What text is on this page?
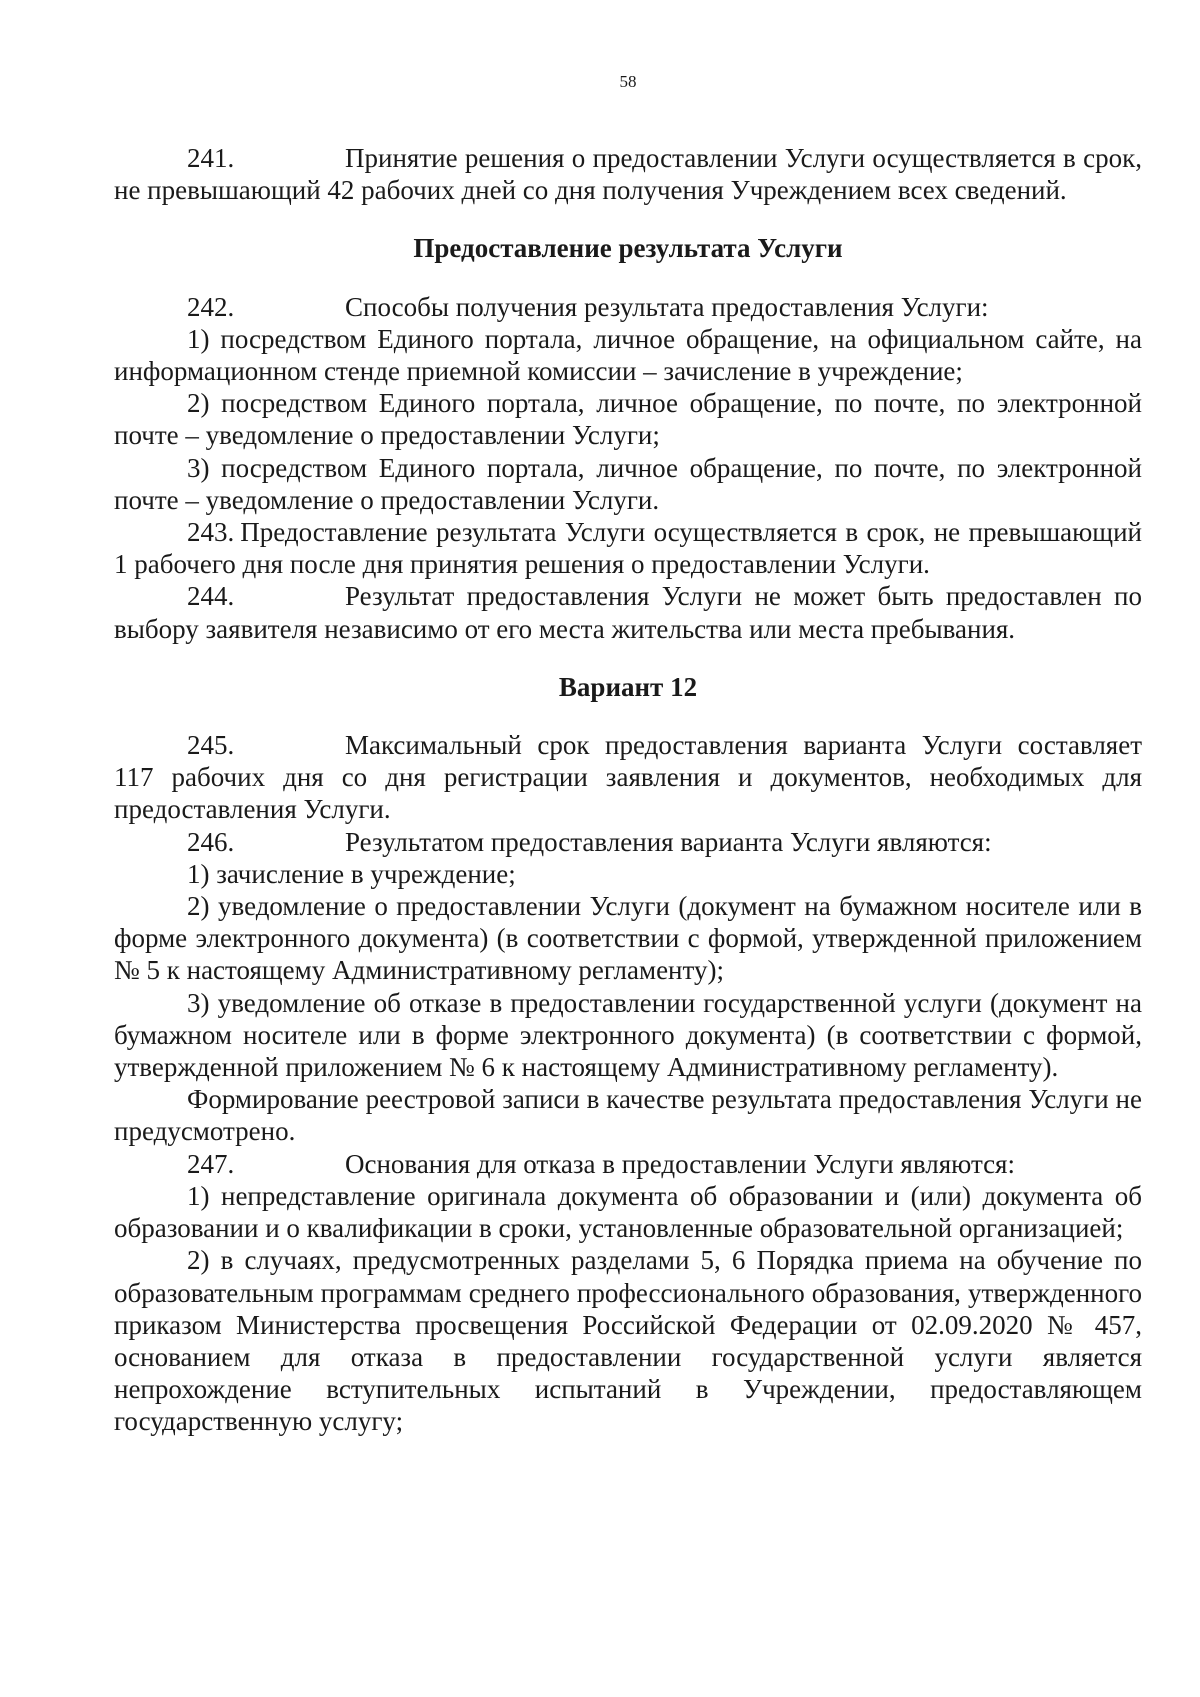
58

241.	Принятие решения о предоставлении Услуги осуществляется в срок, не превышающий 42 рабочих дней со дня получения Учреждением всех сведений.

Предоставление результата Услуги

242.	Способы получения результата предоставления Услуги:

1) посредством Единого портала, личное обращение, на официальном сайте, на информационном стенде приемной комиссии – зачисление в учреждение;

2) посредством Единого портала, личное обращение, по почте, по электронной почте – уведомление о предоставлении Услуги;

3) посредством Единого портала, личное обращение, по почте, по электронной почте – уведомление о предоставлении Услуги.

243. Предоставление результата Услуги осуществляется в срок, не превышающий 1 рабочего дня после дня принятия решения о предоставлении Услуги.

244.	Результат предоставления Услуги не может быть предоставлен по выбору заявителя независимо от его места жительства или места пребывания.

Вариант 12

245.	Максимальный срок предоставления варианта Услуги составляет 117 рабочих дня со дня регистрации заявления и документов, необходимых для предоставления Услуги.

246.	Результатом предоставления варианта Услуги являются:

1) зачисление в учреждение;

2) уведомление о предоставлении Услуги (документ на бумажном носителе или в форме электронного документа) (в соответствии с формой, утвержденной приложением № 5 к настоящему Административному регламенту);

3) уведомление об отказе в предоставлении государственной услуги (документ на бумажном носителе или в форме электронного документа) (в соответствии с формой, утвержденной приложением № 6 к настоящему Административному регламенту).

Формирование реестровой записи в качестве результата предоставления Услуги не предусмотрено.

247.	Основания для отказа в предоставлении Услуги являются:

1) непредставление оригинала документа об образовании и (или) документа об образовании и о квалификации в сроки, установленные образовательной организацией;

2) в случаях, предусмотренных разделами 5, 6 Порядка приема на обучение по образовательным программам среднего профессионального образования, утвержденного приказом Министерства просвещения Российской Федерации от 02.09.2020 № 457, основанием для отказа в предоставлении государственной услуги является непрохождение вступительных испытаний в Учреждении, предоставляющем государственную услугу;
